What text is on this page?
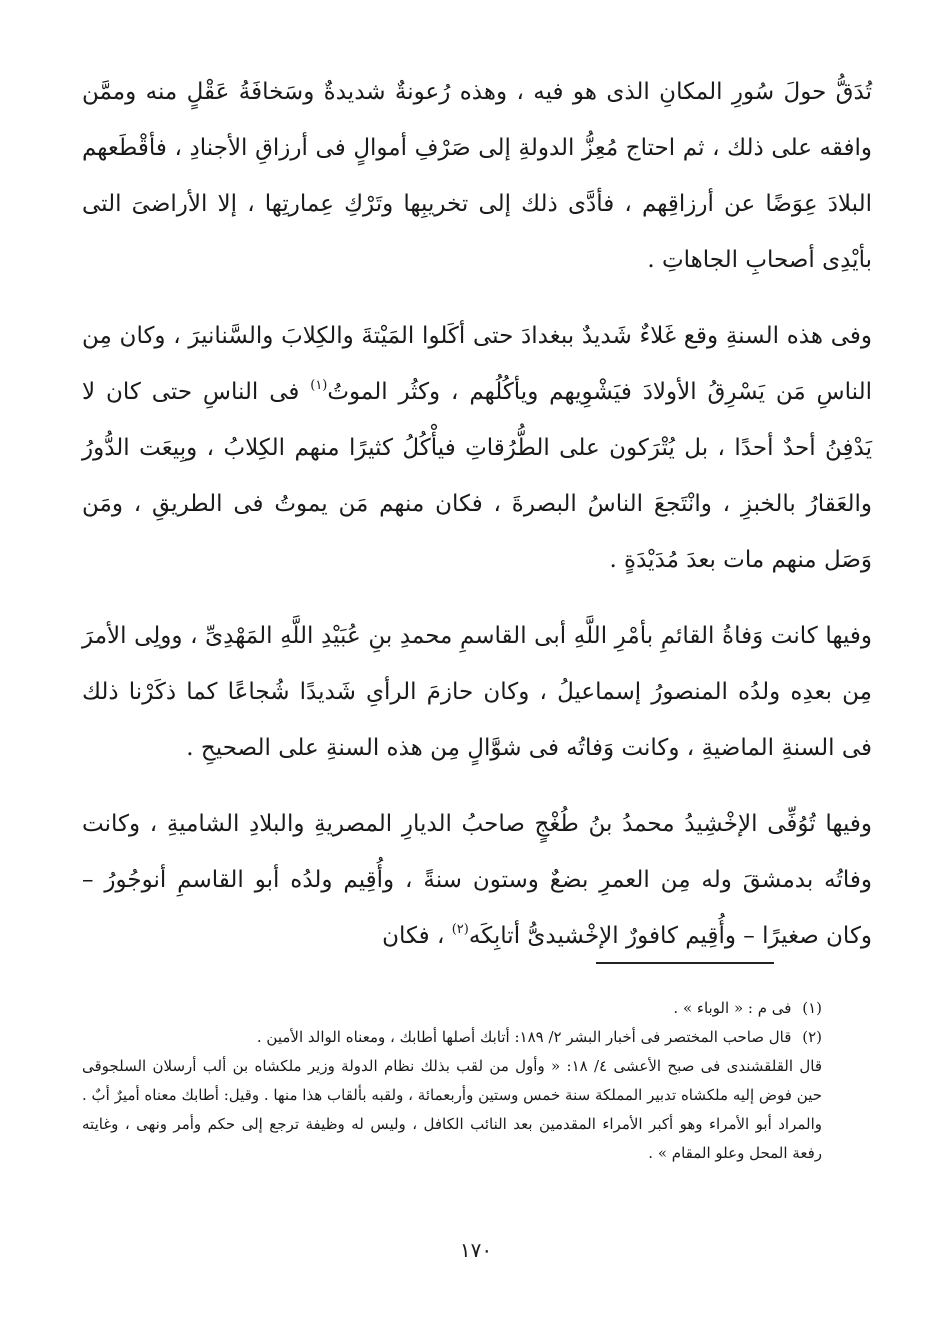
تُدَقُّ حولَ سُورِ المكانِ الذى هو فيه ، وهذه رُعونةٌ شديدةٌ وسَخافَةُ عَقْلٍ منه وممَّن وافقه على ذلك ، ثم احتاج مُعِزُّ الدولةِ إلى صَرْفِ أموالٍ فى أرزاقِ الأجنادِ ، فأقْطَعهم البلادَ عِوَضًا عن أرزاقِهم ، فأدَّى ذلك إلى تخريبِها وتَرْكِ عِمارتِها ، إلا الأراضىَ التى بأيْدِى أصحابِ الجاهاتِ .

وفى هذه السنةِ وقع غَلاءٌ شَديدٌ ببغدادَ حتى أكَلوا المَيْتةَ والكِلابَ والسَّنانيرَ ، وكان مِن الناسِ مَن يَسْرِقُ الأولادَ فيَشْوِيهم ويأكُلُهم ، وكثُر الموتُ$^{(١)}$ فى الناسِ حتى كان لا يَدْفِنُ أحدٌ أحدًا ، بل يُتْرَكون على الطُّرُقاتِ فيأْكُلُ كثيرًا منهم الكِلابُ ، وبِيعَت الدُّورُ والعَقارُ بالخبزِ ، وانْتَجعَ الناسُ البصرةَ ، فكان منهم مَن يموتُ فى الطريقِ ، ومَن وَصَل منهم مات بعدَ مُدَيْدَةٍ .

وفيها كانت وَفاةُ القائمِ بأمْرِ اللَّهِ أبى القاسمِ محمدِ بنِ عُبَيْدِ اللَّهِ المَهْدِىِّ ، وولِى الأمرَ مِن بعدِه ولدُه المنصورُ إسماعيلُ ، وكان حازمَ الرأىِ شَديدًا شُجاعًا كما ذكَرْنا ذلك فى السنةِ الماضيةِ ، وكانت وَفاتُه فى شوَّالٍ مِن هذه السنةِ على الصحيحِ .

وفيها تُوُفِّى الإخْشِيدُ محمدُ بنُ طُغْجٍ صاحبُ الديارِ المصريةِ والبلادِ الشاميةِ ، وكانت وفاتُه بدمشقَ وله مِن العمرِ بضعٌ وستون سنةً ، وأُقِيم ولدُه أبو القاسمِ أنوجُورُ – وكان صغيرًا – وأُقِيم كافورٌ الإخْشيدىُّ أتابِكَه$^{(٢)}$ ، فكان

(١) فى م : « الوباء » .

(٢) قال صاحب المختصر فى أخبار البشر ٢/ ١٨٩: أتابك أصلها أطابك ، ومعناه الوالد الأمين .

قال القلقشندى فى صبح الأعشى ٤/ ١٨: « وأول من لقب بذلك نظام الدولة وزير ملكشاه بن ألب أرسلان السلجوقى حين فوض إليه ملكشاه تدبير المملكة سنة خمس وستين وأربعمائة ، ولقبه بألقاب هذا منها . وقيل: أطابك معناه أميرٌ أبٌ . والمراد أبو الأمراء وهو أكبر الأمراء المقدمين بعد النائب الكافل ، وليس له وظيفة ترجع إلى حكم وأمر ونهى ، وغايته رفعة المحل وعلو المقام » .

١٧٠
